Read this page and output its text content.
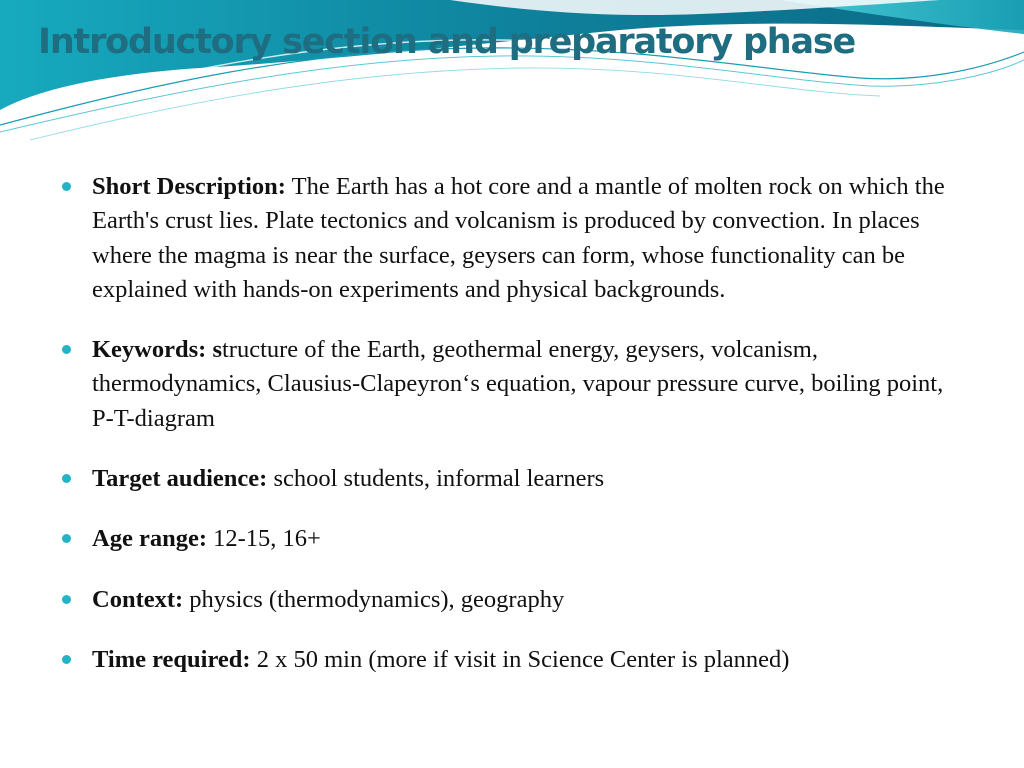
Introductory section and preparatory phase
Short Description: The Earth has a hot core and a mantle of molten rock on which the Earth's crust lies. Plate tectonics and volcanism is produced by convection. In places where the magma is near the surface, geysers can form, whose functionality can be explained with hands-on experiments and physical backgrounds.
Keywords: structure of the Earth, geothermal energy, geysers, volcanism, thermodynamics, Clausius-Clapeyron‘s equation, vapour pressure curve, boiling point, P-T-diagram
Target audience: school students, informal learners
Age range: 12-15, 16+
Context: physics (thermodynamics), geography
Time required: 2 x 50 min (more if visit in Science Center is planned)
